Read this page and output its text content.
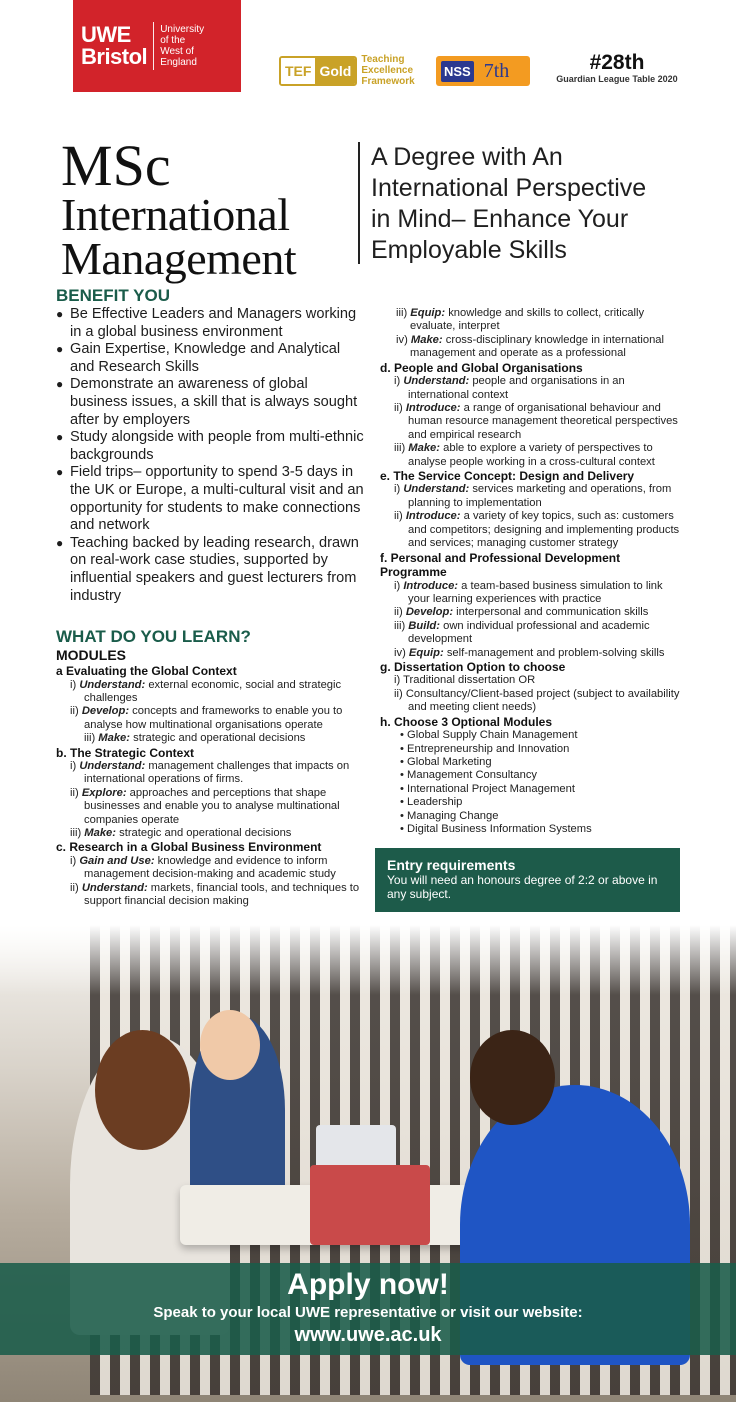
UWE
Bristol
University
of the
West of
England	TEF Gold
Teaching
Excellence
Framework
NSS 7th	#28th
Guardian League Table 2020
MSc
International
Management
A Degree with An
International Perspective
in Mind– Enhance Your
Employable Skills
BENEFIT YOU
● Be Effective Leaders and Managers working in a global business environment
● Gain Expertise, Knowledge and Analytical and Research Skills
● Demonstrate an awareness of global business issues, a skill that is always sought after by employers
● Study alongside with people from multi-ethnic backgrounds
● Field trips– opportunity to spend 3-5 days in the UK or Europe, a multi-cultural visit and an opportunity for students to make connections and network
● Teaching backed by leading research, drawn on real-work case studies, supported by influential speakers and guest lecturers from industry
WHAT DO YOU LEARN?
MODULES
a Evaluating the Global Context
i) Understand: external economic, social and strategic challenges
ii) Develop: concepts and frameworks to enable you to analyse how multinational organisations operate
iii) Make: strategic and operational decisions
b. The Strategic Context
i) Understand: management challenges that impacts on international operations of firms.
ii) Explore: approaches and perceptions that shape businesses and enable you to analyse multinational companies operate
iii) Make: strategic and operational decisions
c. Research in a Global Business Environment
i) Gain and Use: knowledge and evidence to inform management decision-making and academic study
ii) Understand: markets, financial tools, and techniques to support financial decision making
iii) Equip: knowledge and skills to collect, critically evaluate, interpret
iv) Make: cross-disciplinary knowledge in international management and operate as a professional
d. People and Global Organisations
i) Understand: people and organisations in an international context
ii) Introduce: a range of organisational behaviour and human resource management theoretical perspectives and empirical research
iii) Make: able to explore a variety of perspectives to analyse people working in a cross-cultural context
e. The Service Concept: Design and Delivery
i) Understand: services marketing and operations, from planning to implementation
ii) Introduce: a variety of key topics, such as: customers and competitors; designing and implementing products and services; managing customer strategy
f. Personal and Professional Development Programme
i) Introduce: a team-based business simulation to link your learning experiences with practice
ii) Develop: interpersonal and communication skills
iii) Build: own individual professional and academic development
iv) Equip: self-management and problem-solving skills
g. Dissertation Option to choose
i) Traditional dissertation OR
ii) Consultancy/Client-based project (subject to availability and meeting client needs)
h. Choose 3 Optional Modules
• Global Supply Chain Management
• Entrepreneurship and Innovation
• Global Marketing
• Management Consultancy
• International Project Management
• Leadership
• Managing Change
• Digital Business Information Systems
Entry requirements
You will need an honours degree of 2:2 or above in any subject.
Apply now!
Speak to your local UWE representative or visit our website:
www.uwe.ac.uk
